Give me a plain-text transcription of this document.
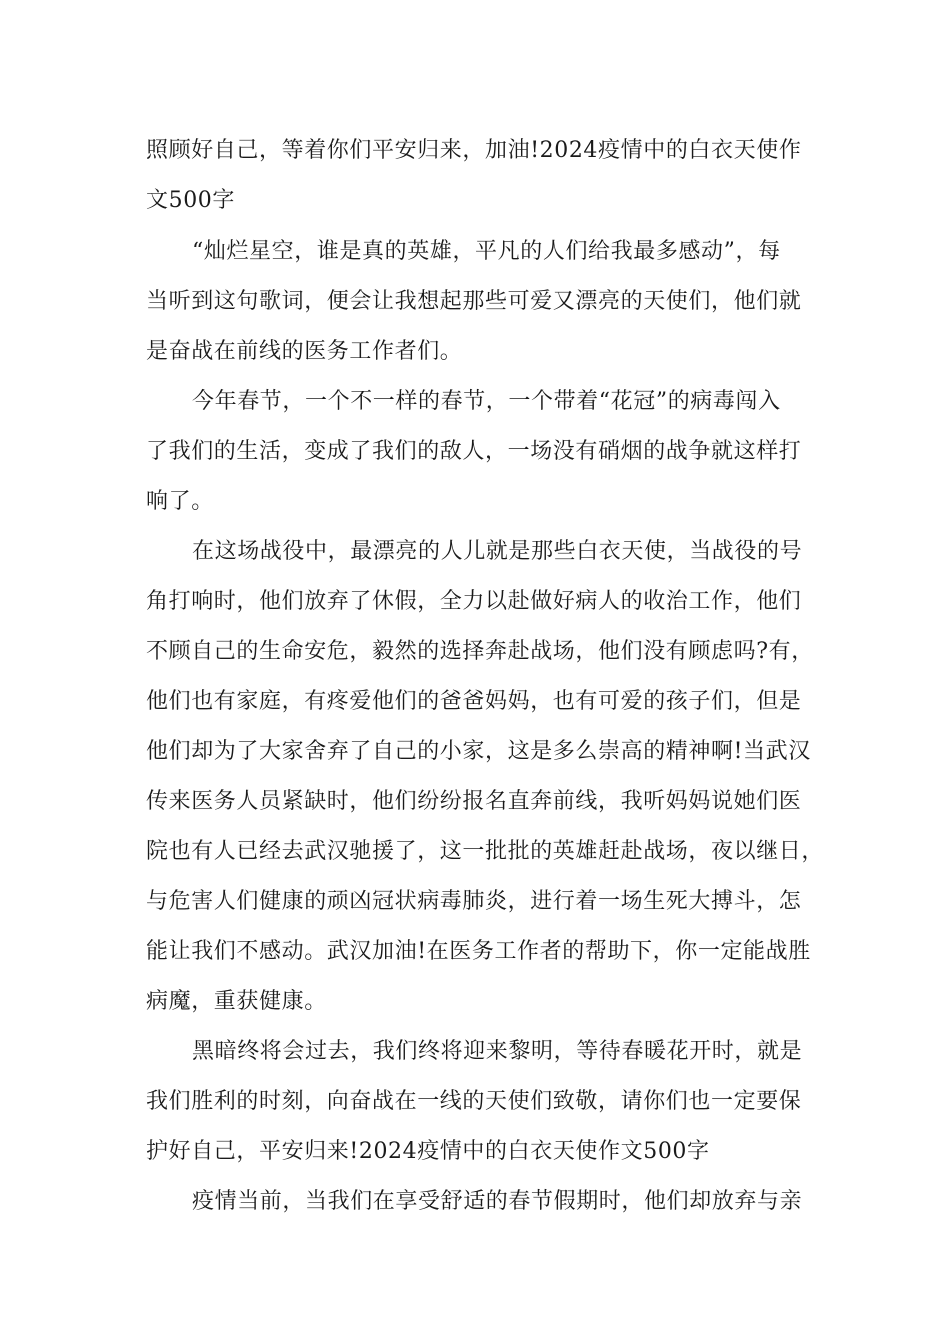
照顾好自己，等着你们平安归来，加油!2024疫情中的白衣天使作
文500字
“灿烂星空，谁是真的英雄，平凡的人们给我最多感动”，每
当听到这句歌词，便会让我想起那些可爱又漂亮的天使们，他们就
是奋战在前线的医务工作者们。
今年春节，一个不一样的春节，一个带着“花冠”的病毒闯入
了我们的生活，变成了我们的敌人，一场没有硝烟的战争就这样打
响了。
在这场战役中，最漂亮的人儿就是那些白衣天使，当战役的号
角打响时，他们放弃了休假，全力以赴做好病人的收治工作，他们
不顾自己的生命安危，毅然的选择奔赴战场，他们没有顾虑吗?有，
他们也有家庭，有疼爱他们的爸爸妈妈，也有可爱的孩子们，但是
他们却为了大家舍弃了自己的小家，这是多么崇高的精神啊!当武汉
传来医务人员紧缺时，他们纷纷报名直奔前线，我听妈妈说她们医
院也有人已经去武汉驰援了，这一批批的英雄赶赴战场，夜以继日，
与危害人们健康的顽凶冠状病毒肺炎，进行着一场生死大搏斗，怎
能让我们不感动。武汉加油!在医务工作者的帮助下，你一定能战胜
病魔，重获健康。
黑暗终将会过去，我们终将迎来黎明，等待春暖花开时，就是
我们胜利的时刻，向奋战在一线的天使们致敬，请你们也一定要保
护好自己，平安归来!2024疫情中的白衣天使作文500字
疫情当前，当我们在享受舒适的春节假期时，他们却放弃与亲
